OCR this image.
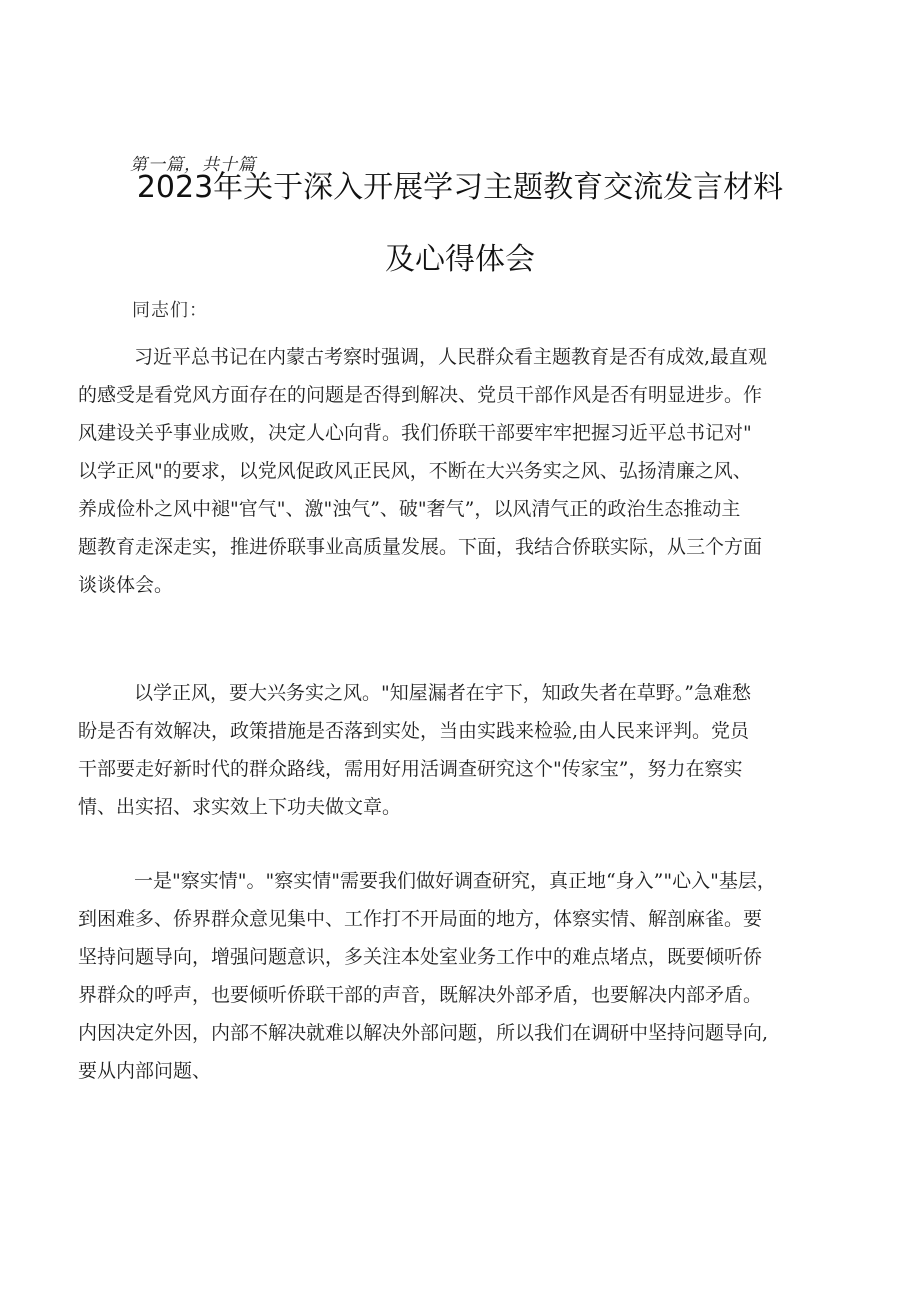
第一篇，共十篇
2023年关于深入开展学习主题教育交流发言材料
及心得体会
同志们：
习近平总书记在内蒙古考察时强调，人民群众看主题教育是否有成效,最直观
的感受是看党风方面存在的问题是否得到解决、党员干部作风是否有明显进步。作
风建设关乎事业成败，决定人心向背。我们侨联干部要牢牢把握习近平总书记对"
以学正风"的要求，以党风促政风正民风，不断在大兴务实之风、弘扬清廉之风、
养成俭朴之风中褪"官气"、激"浊气”、破"奢气”，以风清气正的政治生态推动主
题教育走深走实，推进侨联事业高质量发展。下面，我结合侨联实际，从三个方面
谈谈体会。
以学正风，要大兴务实之风。"知屋漏者在宇下，知政失者在草野。”急难愁
盼是否有效解决，政策措施是否落到实处，当由实践来检验,由人民来评判。党员
干部要走好新时代的群众路线，需用好用活调查研究这个"传家宝”，努力在察实
情、出实招、求实效上下功夫做文章。
一是"察实情"。"察实情"需要我们做好调查研究，真正地“身入”"心入"基层，
到困难多、侨界群众意见集中、工作打不开局面的地方，体察实情、解剖麻雀。要
坚持问题导向，增强问题意识，多关注本处室业务工作中的难点堵点，既要倾听侨
界群众的呼声，也要倾听侨联干部的声音，既解决外部矛盾，也要解决内部矛盾。
内因决定外因，内部不解决就难以解决外部问题，所以我们在调研中坚持问题导向,
要从内部问题、
